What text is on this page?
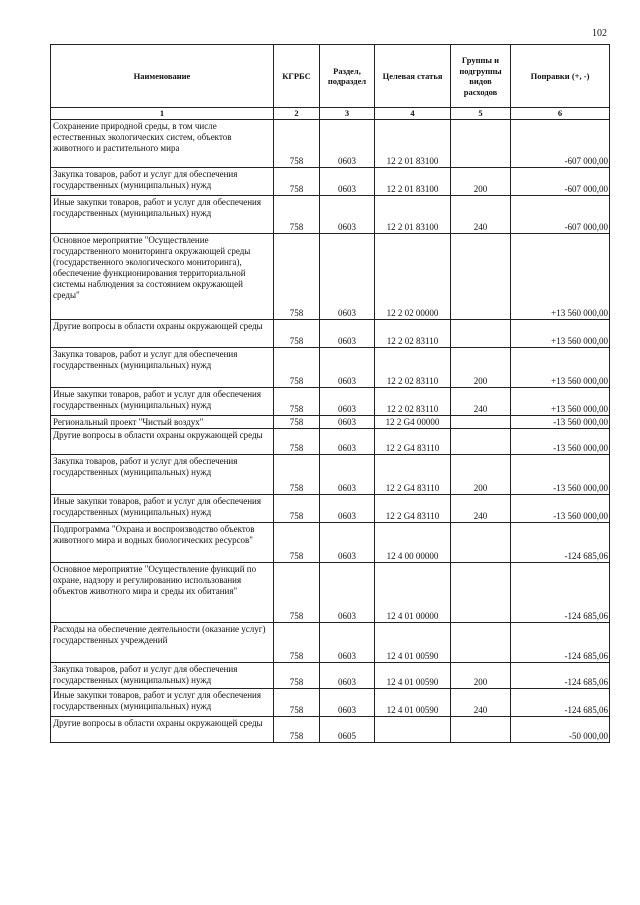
102
Наименование	КГРБС	Раздел, подраздел	Целевая статья	Группы и подгруппы видов расходов	Поправки (+, -)
1	2	3	4	5	6
Сохранение природной среды, в том числе естественных экологических систем, объектов животного и растительного мира	758	0603	12 2 01 83100		-607 000,00
Закупка товаров, работ и услуг для обеспечения государственных (муниципальных) нужд	758	0603	12 2 01 83100	200	-607 000,00
Иные закупки товаров, работ и услуг для обеспечения государственных (муниципальных) нужд	758	0603	12 2 01 83100	240	-607 000,00
Основное мероприятие "Осуществление государственного мониторинга окружающей среды (государственного экологического мониторинга), обеспечение функционирования территориальной системы наблюдения за состоянием окружающей среды"	758	0603	12 2 02 00000		+13 560 000,00
Другие вопросы в области охраны окружающей среды	758	0603	12 2 02 83110		+13 560 000,00
Закупка товаров, работ и услуг для обеспечения государственных (муниципальных) нужд	758	0603	12 2 02 83110	200	+13 560 000,00
Иные закупки товаров, работ и услуг для обеспечения государственных (муниципальных) нужд	758	0603	12 2 02 83110	240	+13 560 000,00
Региональный проект "Чистый воздух"	758	0603	12 2 G4 00000		-13 560 000,00
Другие вопросы в области охраны окружающей среды	758	0603	12 2 G4 83110		-13 560 000,00
Закупка товаров, работ и услуг для обеспечения государственных (муниципальных) нужд	758	0603	12 2 G4 83110	200	-13 560 000,00
Иные закупки товаров, работ и услуг для обеспечения государственных (муниципальных) нужд	758	0603	12 2 G4 83110	240	-13 560 000,00
Подпрограмма "Охрана и воспроизводство объектов животного мира и водных биологических ресурсов"	758	0603	12 4 00 00000		-124 685,06
Основное мероприятие "Осуществление функций по охране, надзору и регулированию использования объектов животного мира и среды их обитания"	758	0603	12 4 01 00000		-124 685,06
Расходы на обеспечение деятельности (оказание услуг) государственных учреждений	758	0603	12 4 01 00590		-124 685,06
Закупка товаров, работ и услуг для обеспечения государственных (муниципальных) нужд	758	0603	12 4 01 00590	200	-124 685,06
Иные закупки товаров, работ и услуг для обеспечения государственных (муниципальных) нужд	758	0603	12 4 01 00590	240	-124 685,06
Другие вопросы в области охраны окружающей среды	758	0605			-50 000,00
